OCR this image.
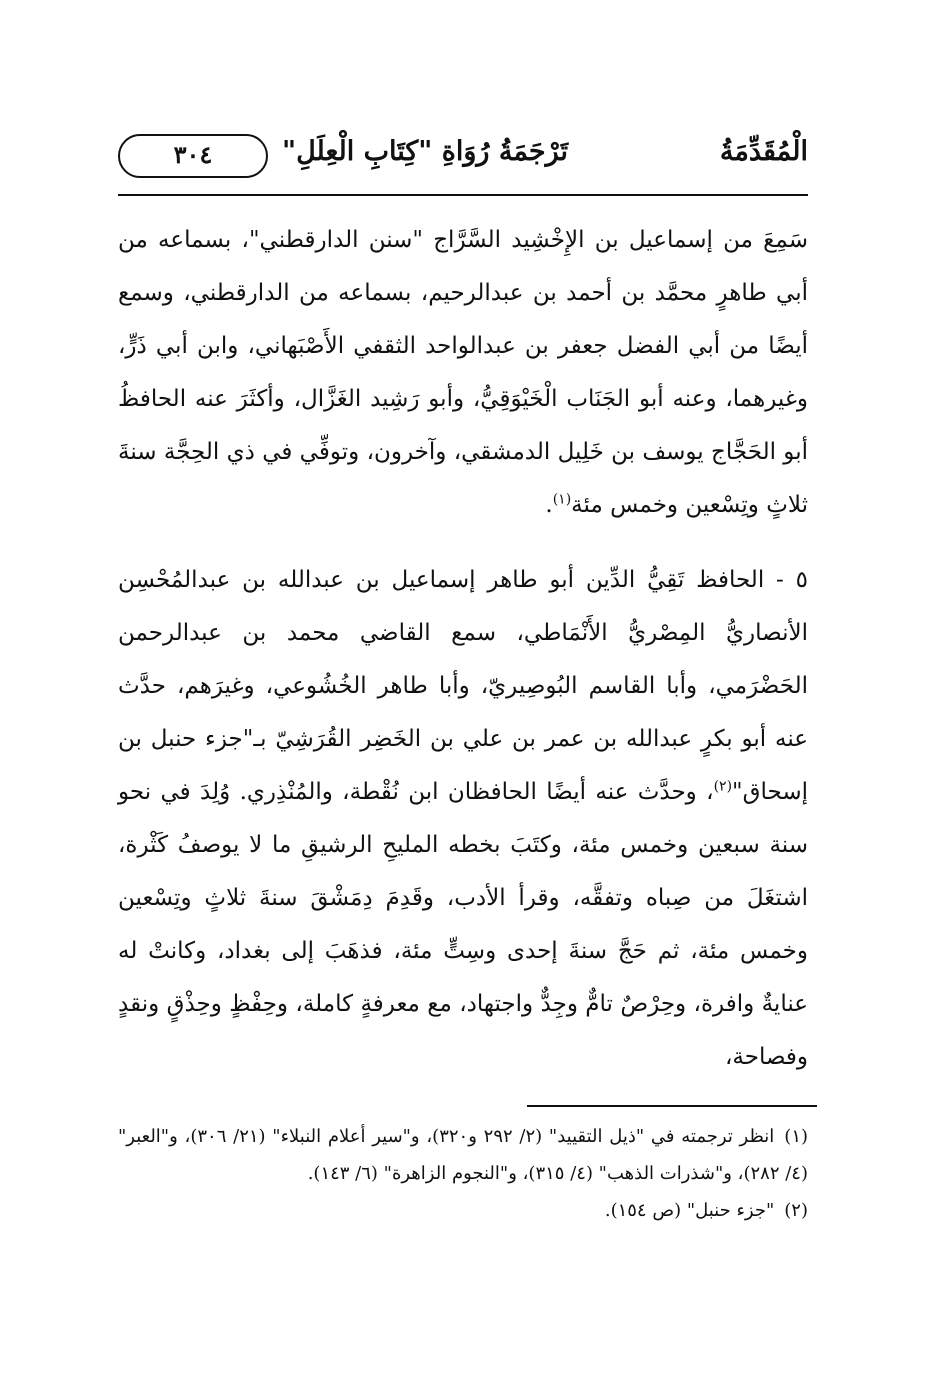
الْمُقَدِّمَةُ
تَرْجَمَةُ رُوَاةِ "كِتَابِ الْعِلَلِ"
٣٠٤

سَمِعَ من إسماعيل بن الإِخْشِيد السَّرَّاج "سنن الدارقطني"، بسماعه من أبي طاهرٍ محمَّد بن أحمد بن عبدالرحيم، بسماعه من الدارقطني، وسمع أيضًا من أبي الفضل جعفر بن عبدالواحد الثقفي الأَصْبَهاني، وابن أبي ذَرٍّ، وغيرهما، وعنه أبو الجَنَاب الْخَيْوَقِيُّ، وأبو رَشِيد الغَزَّال، وأكثَرَ عنه الحافظُ أبو الحَجَّاج يوسف بن خَلِيل الدمشقي، وآخرون، وتوفِّي في ذي الحِجَّة سنةَ ثلاثٍ وتِسْعين وخمس مئة$^{(١)}$.

٥ - الحافظ تَقِيُّ الدِّين أبو طاهر إسماعيل بن عبدالله بن عبدالمُحْسِن الأنصاريُّ المِصْريُّ الأَنْمَاطي، سمع القاضي محمد بن عبدالرحمن الحَضْرَمي، وأبا القاسم البُوصِيريّ، وأبا طاهر الخُشُوعي، وغيرَهم، حدَّث عنه أبو بكرٍ عبدالله بن عمر بن علي بن الخَضِر القُرَشِيّ بـ"جزء حنبل بن إسحاق"$^{(٢)}$، وحدَّث عنه أيضًا الحافظان ابن نُقْطة، والمُنْذِري. وُلِدَ في نحو سنة سبعين وخمس مئة، وكتَبَ بخطه المليحِ الرشيقِ ما لا يوصفُ كَثْرة، اشتغَلَ من صِباه وتفقَّه، وقرأ الأدب، وقَدِمَ دِمَشْقَ سنةَ ثلاثٍ وتِسْعين وخمس مئة، ثم حَجَّ سنةَ إحدى وسِتٍّ مئة، فذهَبَ إلى بغداد، وكانتْ له عنايةٌ وافرة، وحِرْصٌ تامٌّ وجِدٌّ واجتهاد، مع معرفةٍ كاملة، وحِفْظٍ وحِذْقٍ ونقدٍ وفصاحة،

(١)انظر ترجمته في "ذيل التقييد" (٢/ ٢٩٢ و٣٢٠)، و"سير أعلام النبلاء" (٢١/ ٣٠٦)، و"العبر" (٤/ ٢٨٢)، و"شذرات الذهب" (٤/ ٣١٥)، و"النجوم الزاهرة" (٦/ ١٤٣).

(٢)"جزء حنبل" (ص ١٥٤).
